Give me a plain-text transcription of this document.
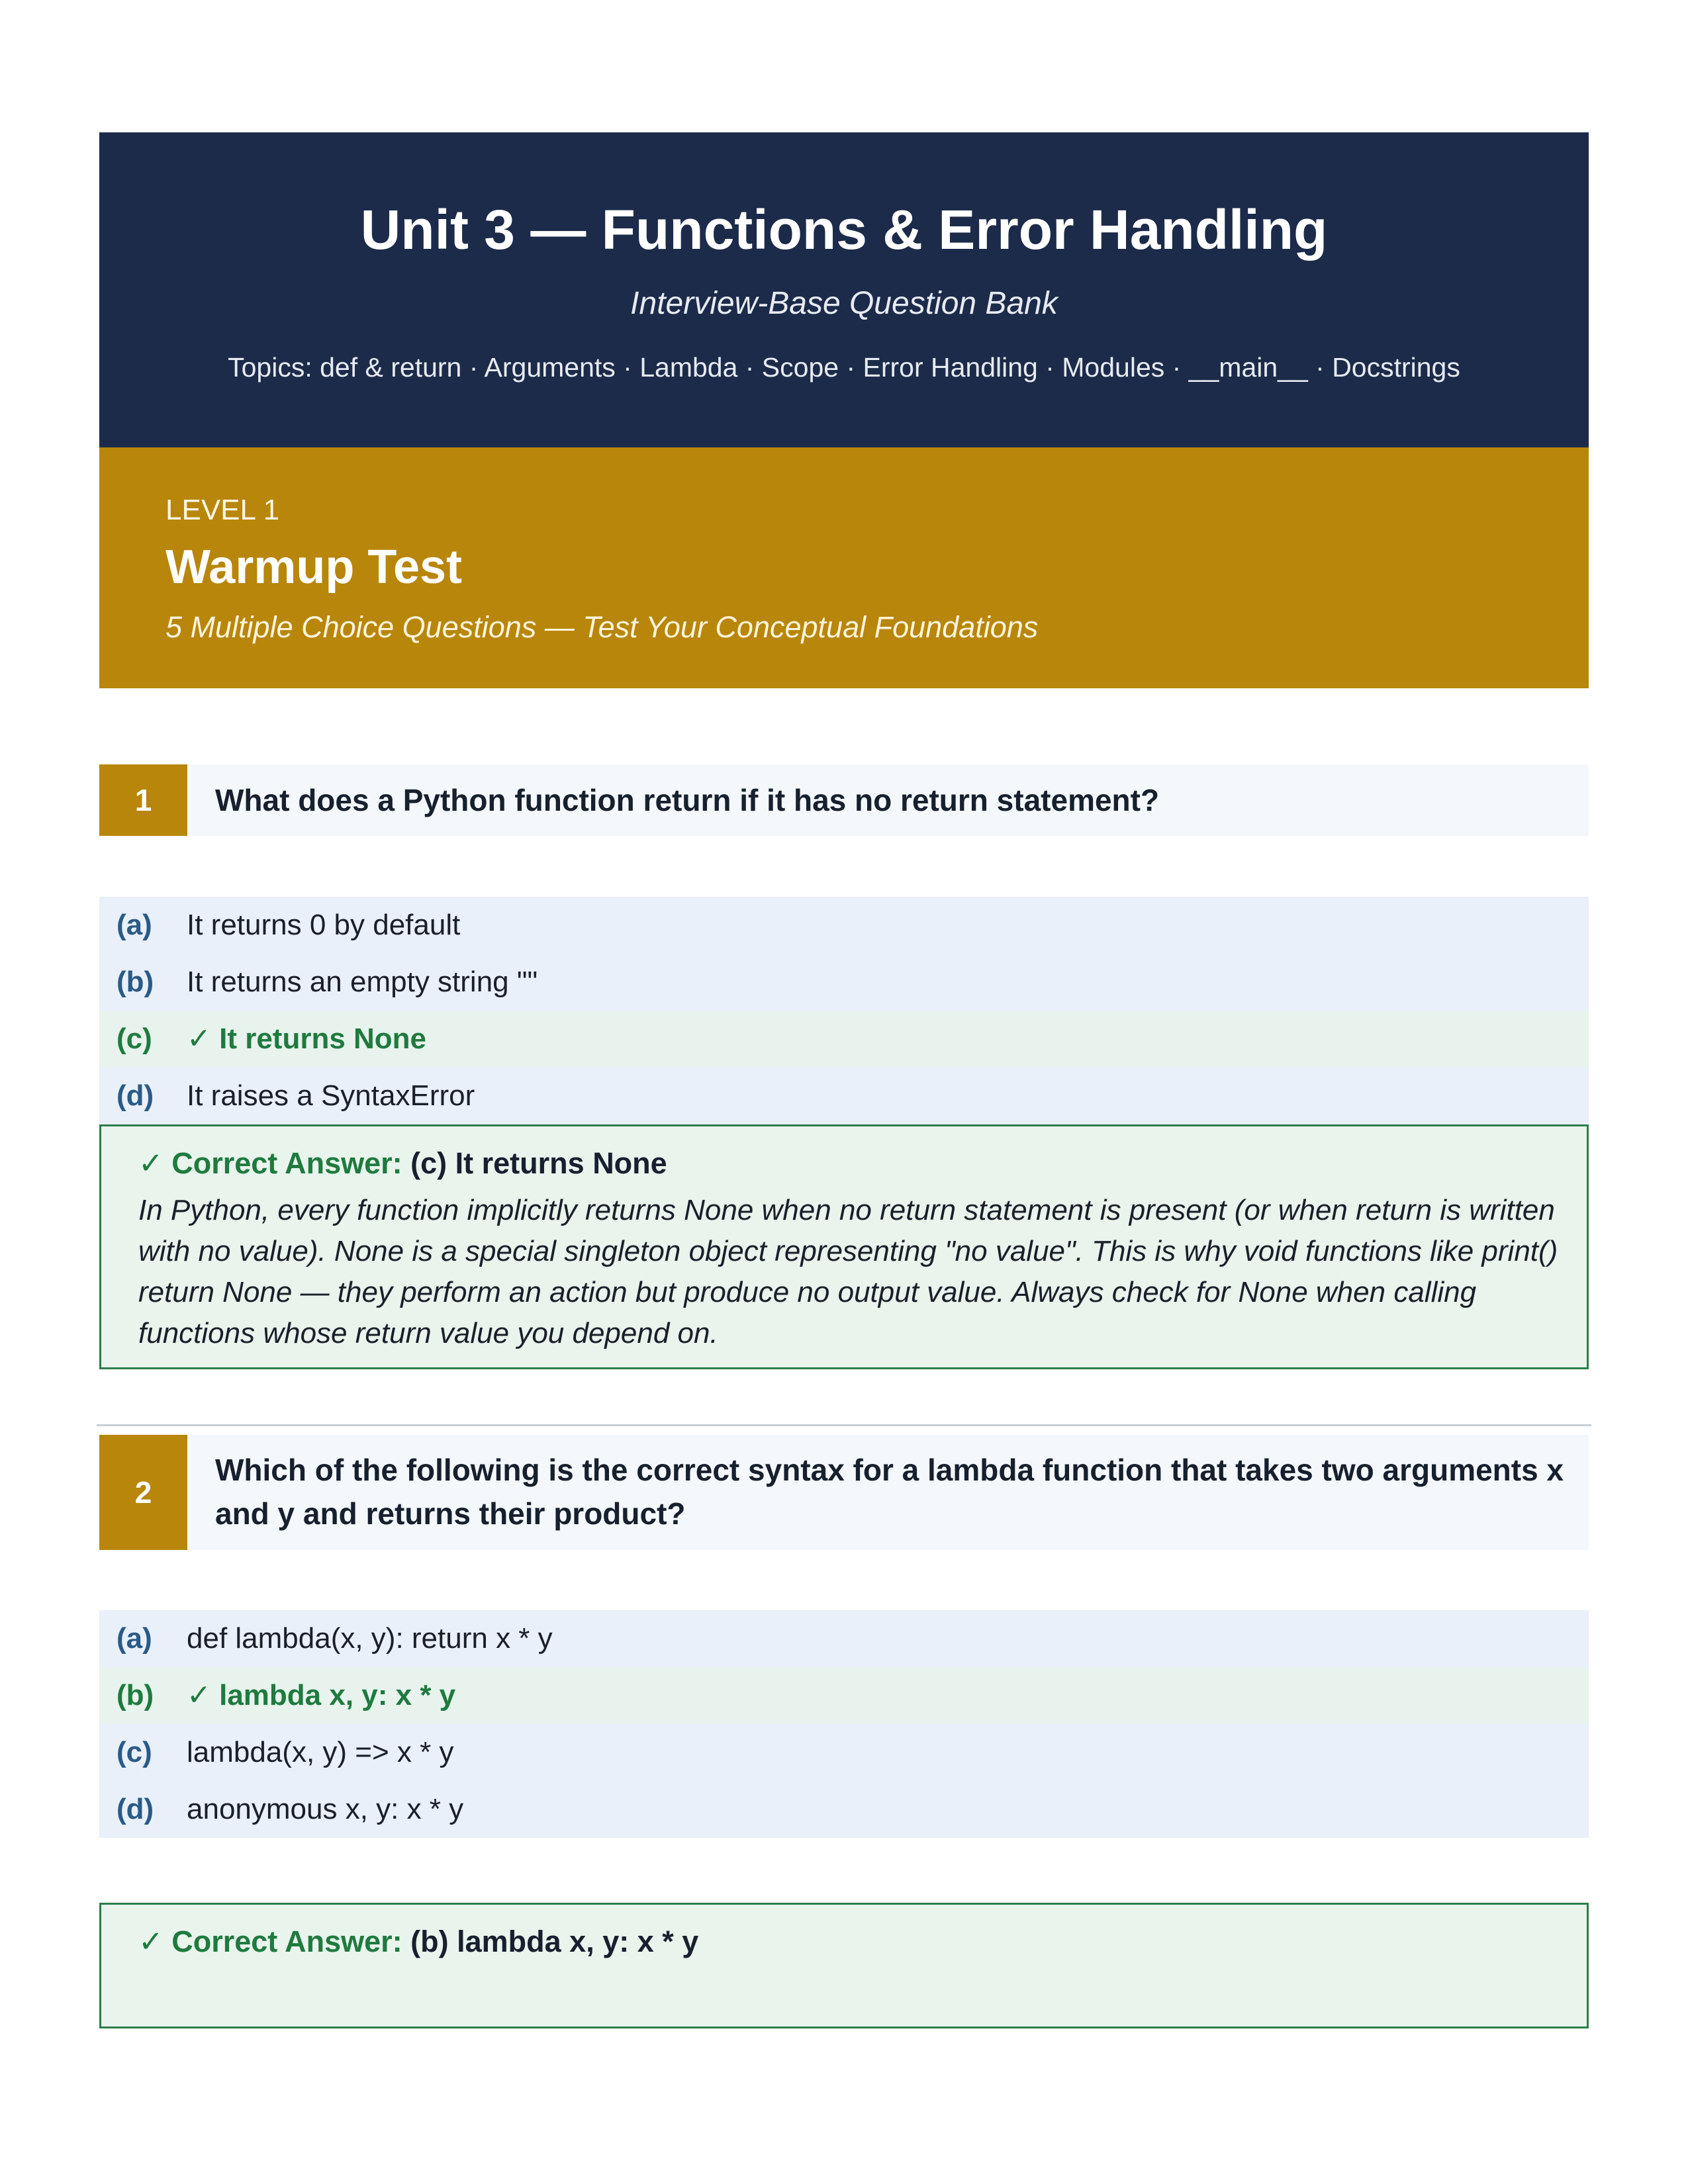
Unit 3 — Functions & Error Handling
Interview-Base Question Bank
Topics: def & return · Arguments · Lambda · Scope · Error Handling · Modules · __main__ · Docstrings
LEVEL 1
Warmup Test
5 Multiple Choice Questions — Test Your Conceptual Foundations
1	What does a Python function return if it has no return statement?
(a) It returns 0 by default
(b) It returns an empty string ""
(c) ✓ It returns None
(d) It raises a SyntaxError
✓ Correct Answer: (c) It returns None
In Python, every function implicitly returns None when no return statement is present (or when return is written with no value). None is a special singleton object representing "no value". This is why void functions like print() return None — they perform an action but produce no output value. Always check for None when calling functions whose return value you depend on.
2
Which of the following is the correct syntax for a lambda function that takes two arguments x and y and returns their product?
(a) def lambda(x, y): return x * y
(b) ✓ lambda x, y: x * y
(c) lambda(x, y) => x * y
(d) anonymous x, y: x * y
✓ Correct Answer: (b) lambda x, y: x * y
